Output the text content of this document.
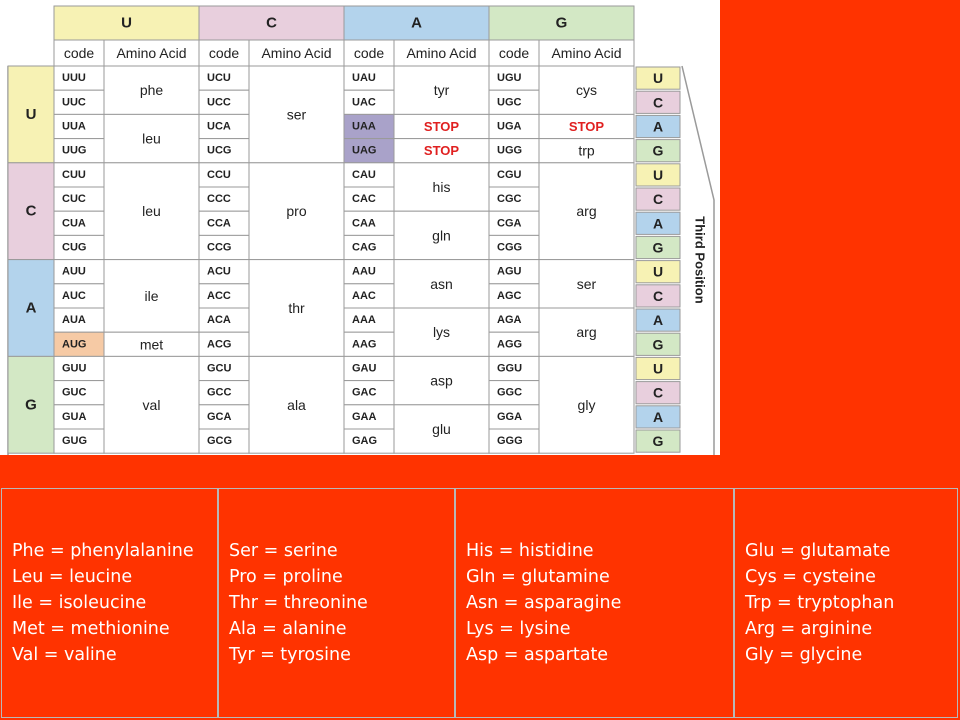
U
code Amino Acid
C
code Amino Acid
A
code Amino Acid
G
code Amino Acid
U
C
A
G
UUU
UUC
UUA
UUG
CUU
CUC
CUA
CUG
AUU
AUC
AUA
AUG
GUU
GUC
GUA
GUG
UCU
UCC
UCA
UCG
CCU
CCC
CCA
CCG
ACU
ACC
ACA
ACG
GCU
GCC
GCA
GCG
UAU
UAC
UAA
UAG
CAU
CAC
CAA
CAG
AAU
AAC
AAA
AAG
GAU
GAC
GAA
GAG
UGU
UGC
UGA
UGG
CGU
CGC
CGA
CGG
AGU
AGC
AGA
AGG
GGU
GGC
GGA
GGG
phe
leu
leu
ile
met
val
ser
pro
thr
ala
tyr
STOP
STOP
his
gln
asn
lys
asp
glu
cys
STOP
trp
arg
ser
arg
gly
U
C
A
G
U
C
A
G
U
C
A
G
U
C
A
G
Third Position
Phe = phenylalanine
Leu = leucine
Ile = isoleucine
Met = methionine
Val = valine
Ser = serine
Pro = proline
Thr = threonine
Ala = alanine
Tyr = tyrosine
His = histidine
Gln = glutamine
Asn = asparagine
Lys = lysine
Asp = aspartate
Glu = glutamate
Cys = cysteine
Trp = tryptophan
Arg = arginine
Gly = glycine
